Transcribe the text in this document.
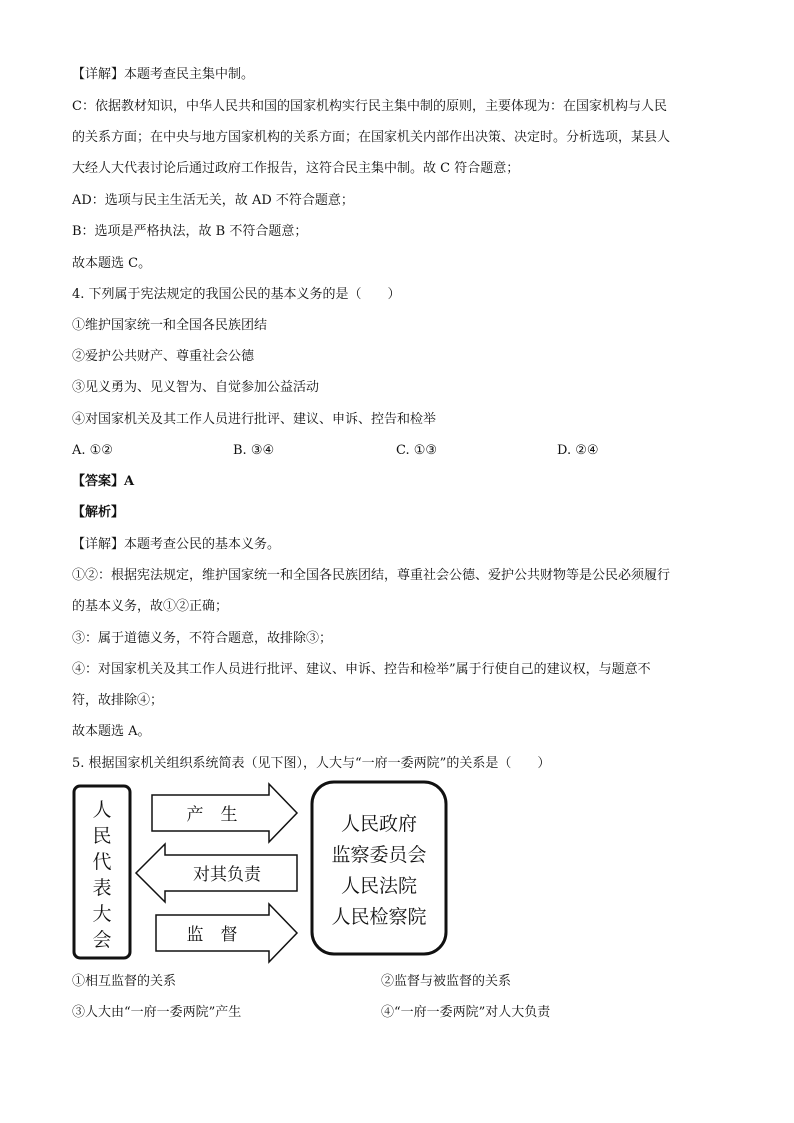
【详解】本题考查民主集中制。
C：依据教材知识，中华人民共和国的国家机构实行民主集中制的原则，主要体现为：在国家机构与人民
的关系方面；在中央与地方国家机构的关系方面；在国家机关内部作出决策、决定时。分析选项，某县人
大经人大代表讨论后通过政府工作报告，这符合民主集中制。故 C 符合题意；
AD：选项与民主生活无关，故 AD 不符合题意；
B：选项是严格执法，故 B 不符合题意；
故本题选 C。
4. 下列属于宪法规定的我国公民的基本义务的是（　　）
①维护国家统一和全国各民族团结
②爱护公共财产、尊重社会公德
③见义勇为、见义智为、自觉参加公益活动
④对国家机关及其工作人员进行批评、建议、申诉、控告和检举
A. ①②	B. ③④	C. ①③	D. ②④
【答案】A
【解析】
【详解】本题考查公民的基本义务。
①②：根据宪法规定，维护国家统一和全国各民族团结，尊重社会公德、爱护公共财物等是公民必须履行
的基本义务，故①②正确；
③：属于道德义务，不符合题意，故排除③；
④：对国家机关及其工作人员进行批评、建议、申诉、控告和检举”属于行使自己的建议权，与题意不
符，故排除④；
故本题选 A。
5. 根据国家机关组织系统简表（见下图），人大与“一府一委两院”的关系是（　　）
人
民
代
表
大
会
产　生
对其负责
监　督
人民政府
监察委员会
人民法院
人民检察院
①相互监督的关系	②监督与被监督的关系
③人大由“一府一委两院”产生	④“一府一委两院”对人大负责
